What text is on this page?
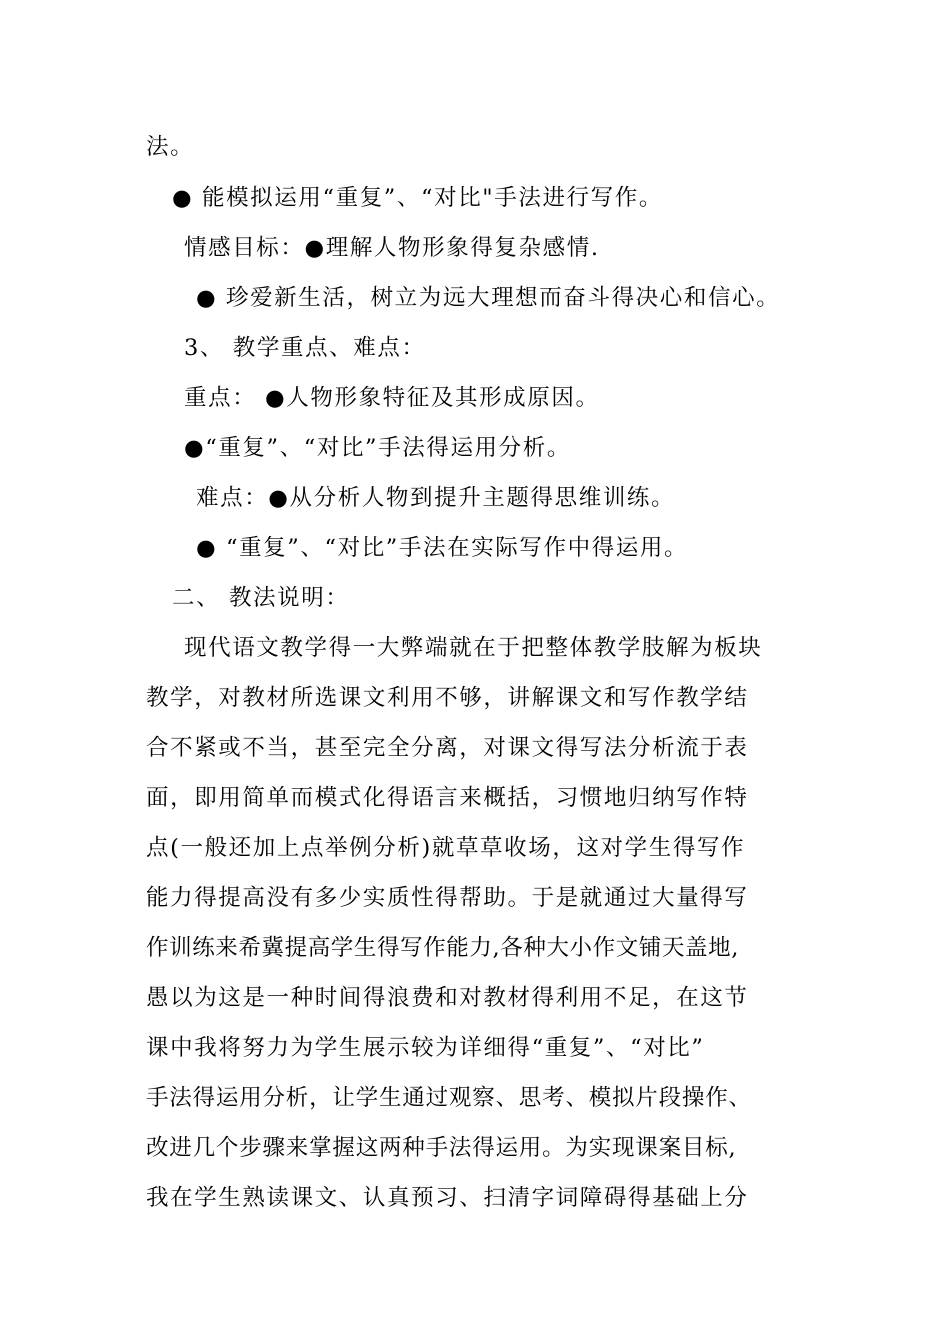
法。
● 能模拟运用“重复”、“对比"手法进行写作。
情感目标：●理解人物形象得复杂感情.
● 珍爱新生活，树立为远大理想而奋斗得决心和信心。
3、 教学重点、难点：
重点： ●人物形象特征及其形成原因。
●“重复”、“对比”手法得运用分析。
难点：●从分析人物到提升主题得思维训练。
● “重复”、“对比”手法在实际写作中得运用。
二、 教法说明：
现代语文教学得一大弊端就在于把整体教学肢解为板块
教学，对教材所选课文利用不够，讲解课文和写作教学结
合不紧或不当，甚至完全分离，对课文得写法分析流于表
面，即用简单而模式化得语言来概括，习惯地归纳写作特
点(一般还加上点举例分析)就草草收场，这对学生得写作
能力得提高没有多少实质性得帮助。于是就通过大量得写
作训练来希冀提高学生得写作能力,各种大小作文铺天盖地,
愚以为这是一种时间得浪费和对教材得利用不足，在这节
课中我将努力为学生展示较为详细得“重复”、“对比”
手法得运用分析，让学生通过观察、思考、模拟片段操作、
改进几个步骤来掌握这两种手法得运用。为实现课案目标,
我在学生熟读课文、认真预习、扫清字词障碍得基础上分
